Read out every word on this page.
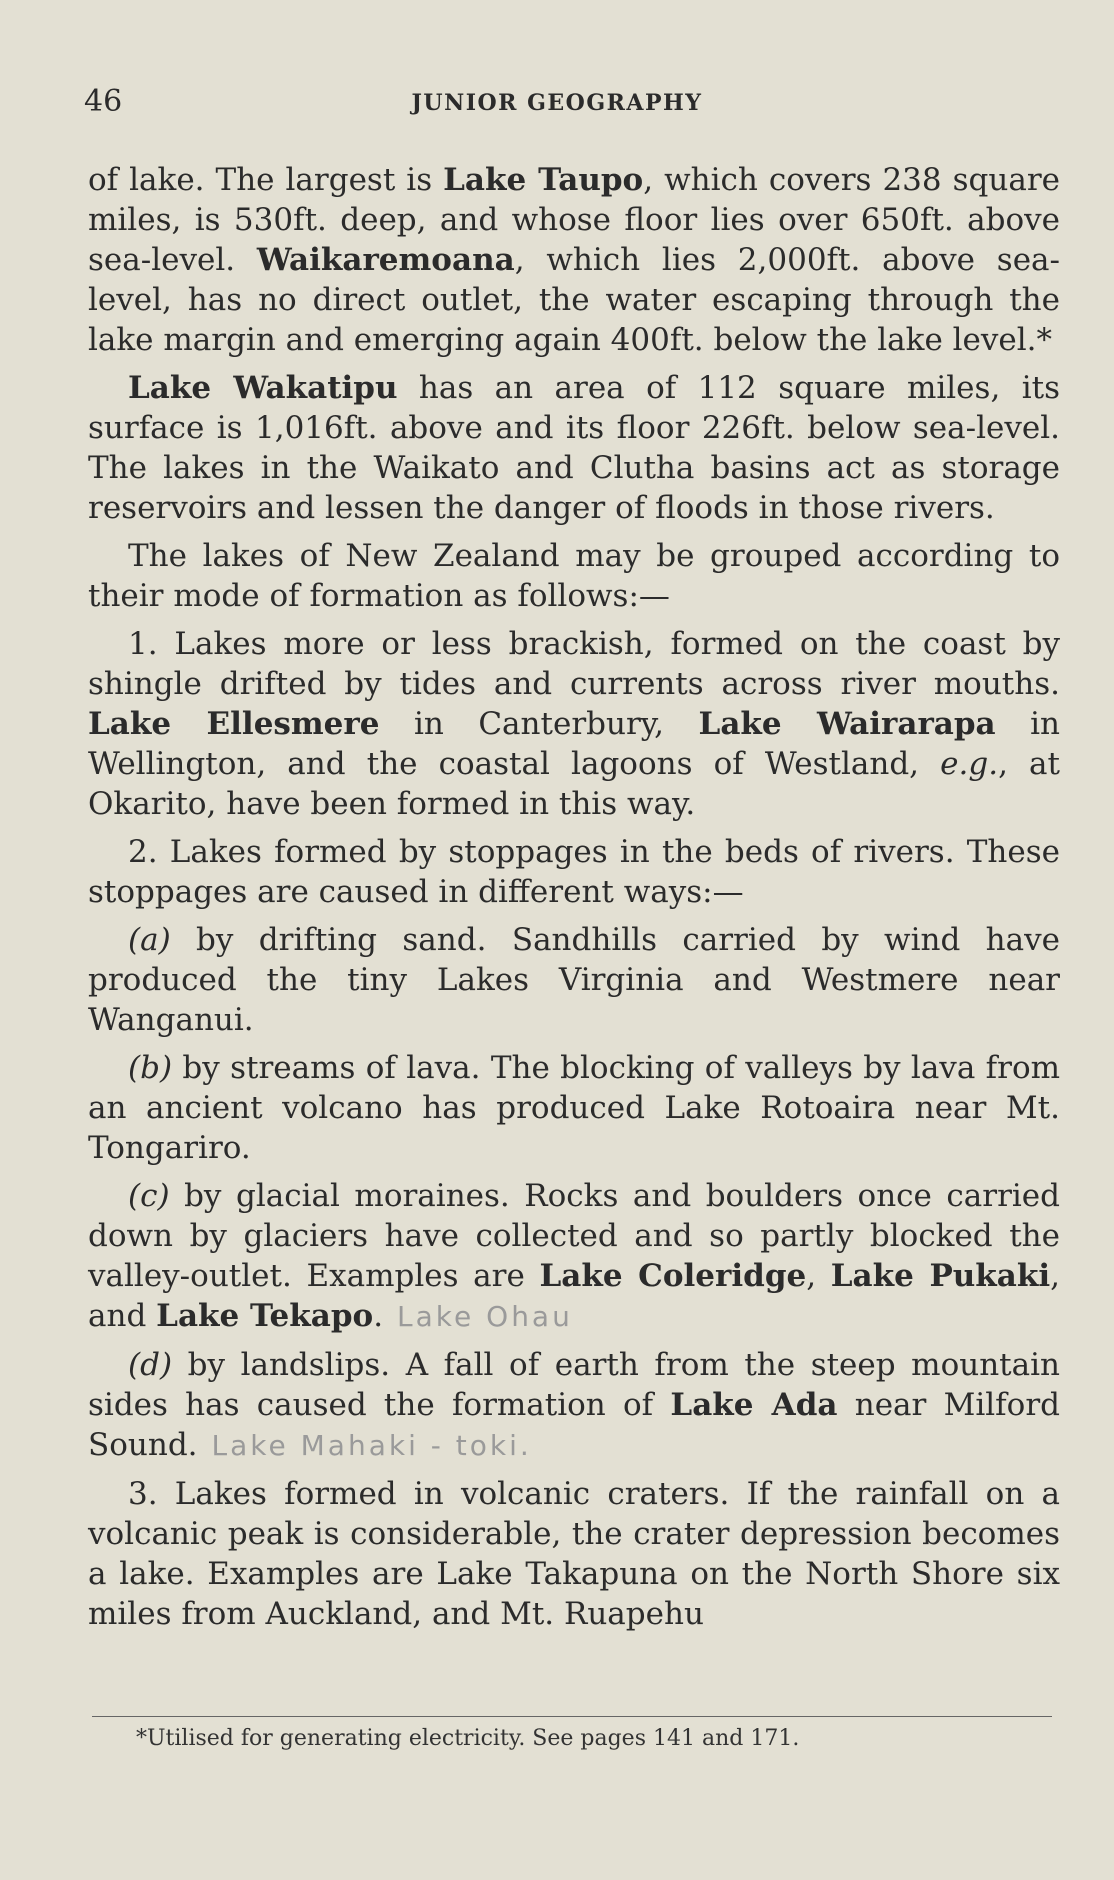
46	JUNIOR GEOGRAPHY

of lake. The largest is Lake Taupo, which covers 238 square miles, is 530ft. deep, and whose floor lies over 650ft. above sea-level. Waikaremoana, which lies 2,000ft. above sea-level, has no direct outlet, the water escaping through the lake margin and emerging again 400ft. below the lake level.*

Lake Wakatipu has an area of 112 square miles, its surface is 1,016ft. above and its floor 226ft. below sea-level. The lakes in the Waikato and Clutha basins act as storage reservoirs and lessen the danger of floods in those rivers.

The lakes of New Zealand may be grouped according to their mode of formation as follows:—

1. Lakes more or less brackish, formed on the coast by shingle drifted by tides and currents across river mouths. Lake Ellesmere in Canterbury, Lake Wairarapa in Wellington, and the coastal lagoons of Westland, e.g., at Okarito, have been formed in this way.

2. Lakes formed by stoppages in the beds of rivers. These stoppages are caused in different ways:—

(a) by drifting sand. Sandhills carried by wind have produced the tiny Lakes Virginia and Westmere near Wanganui.

(b) by streams of lava. The blocking of valleys by lava from an ancient volcano has produced Lake Rotoaira near Mt. Tongariro.

(c) by glacial moraines. Rocks and boulders once carried down by glaciers have collected and so partly blocked the valley-outlet. Examples are Lake Coleridge, Lake Pukaki, and Lake Tekapo. Lake Ohau

(d) by landslips. A fall of earth from the steep mountain sides has caused the formation of Lake Ada near Milford Sound. Lake Mahaki - toki.

3. Lakes formed in volcanic craters. If the rainfall on a volcanic peak is considerable, the crater depression becomes a lake. Examples are Lake Takapuna on the North Shore six miles from Auckland, and Mt. Ruapehu

*Utilised for generating electricity. See pages 141 and 171.
